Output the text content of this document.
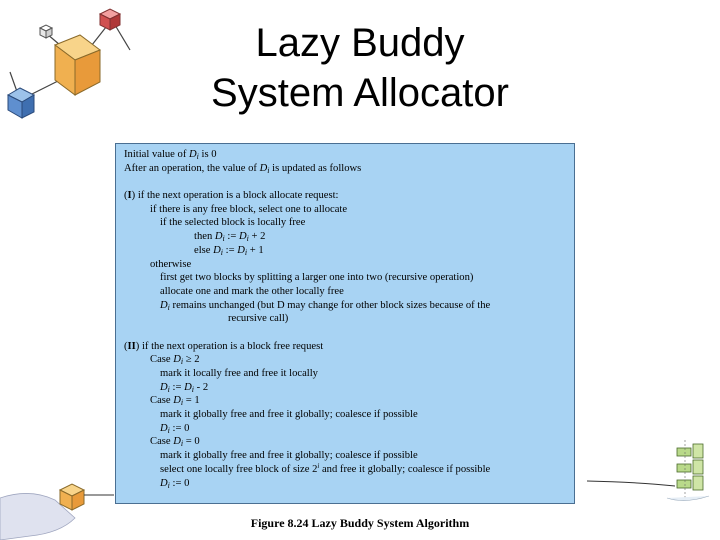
Lazy Buddy
System Allocator
Initial value of Di is 0
After an operation, the value of Di is updated as follows
(I) if the next operation is a block allocate request:
if there is any free block, select one to allocate
if the selected block is locally free
then Di := Di + 2
else Di := Di + 1
otherwise
first get two blocks by splitting a larger one into two (recursive operation)
allocate one and mark the other locally free
Di remains unchanged (but D may change for other block sizes because of the
recursive call)
(II) if the next operation is a block free request
Case Di ≥ 2
mark it locally free and free it locally
Di := Di - 2
Case Di = 1
mark it globally free and free it globally; coalesce if possible
Di := 0
Case Di = 0
mark it globally free and free it globally; coalesce if possible
select one locally free block of size 2$^i$ and free it globally; coalesce if possible
Di := 0
Figure 8.24 Lazy Buddy System Algorithm
